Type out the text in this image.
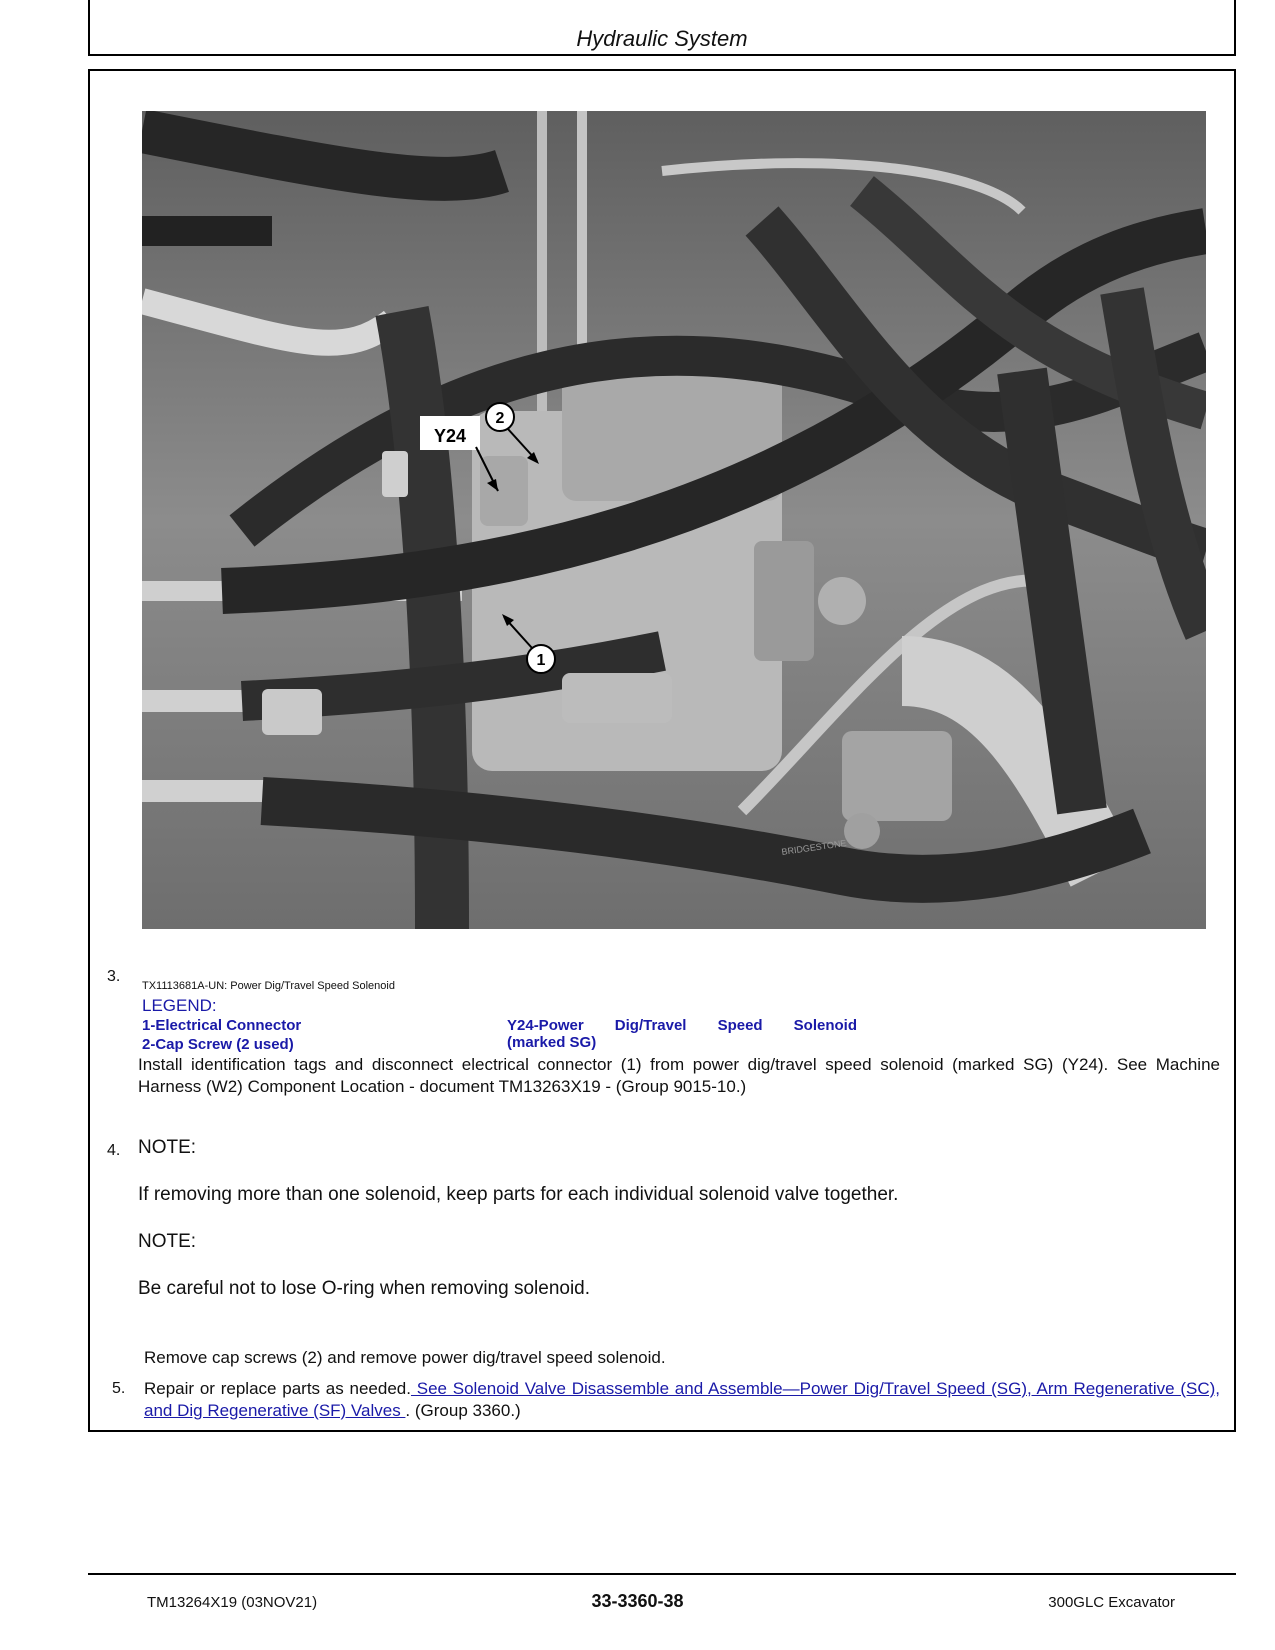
Hydraulic System
BRIDGESTONE
Y24
2
1
3.
TX1113681A-UN: Power Dig/Travel Speed Solenoid
LEGEND:
1-Electrical Connector
2-Cap Screw (2 used)
Y24-Power Dig/Travel Speed Solenoid
(marked SG)
Install identification tags and disconnect electrical connector (1) from power dig/travel speed solenoid (marked SG) (Y24). See Machine Harness (W2) Component Location - document TM13263X19 - (Group 9015-10.)
4. NOTE:
If removing more than one solenoid, keep parts for each individual solenoid valve together.
NOTE:
Be careful not to lose O-ring when removing solenoid.
Remove cap screws (2) and remove power dig/travel speed solenoid.
5. Repair or replace parts as needed. See Solenoid Valve Disassemble and Assemble—Power Dig/Travel Speed (SG), Arm Regenerative (SC), and Dig Regenerative (SF) Valves . (Group 3360.)
TM13264X19 (03NOV21)	33-3360-38	300GLC Excavator
